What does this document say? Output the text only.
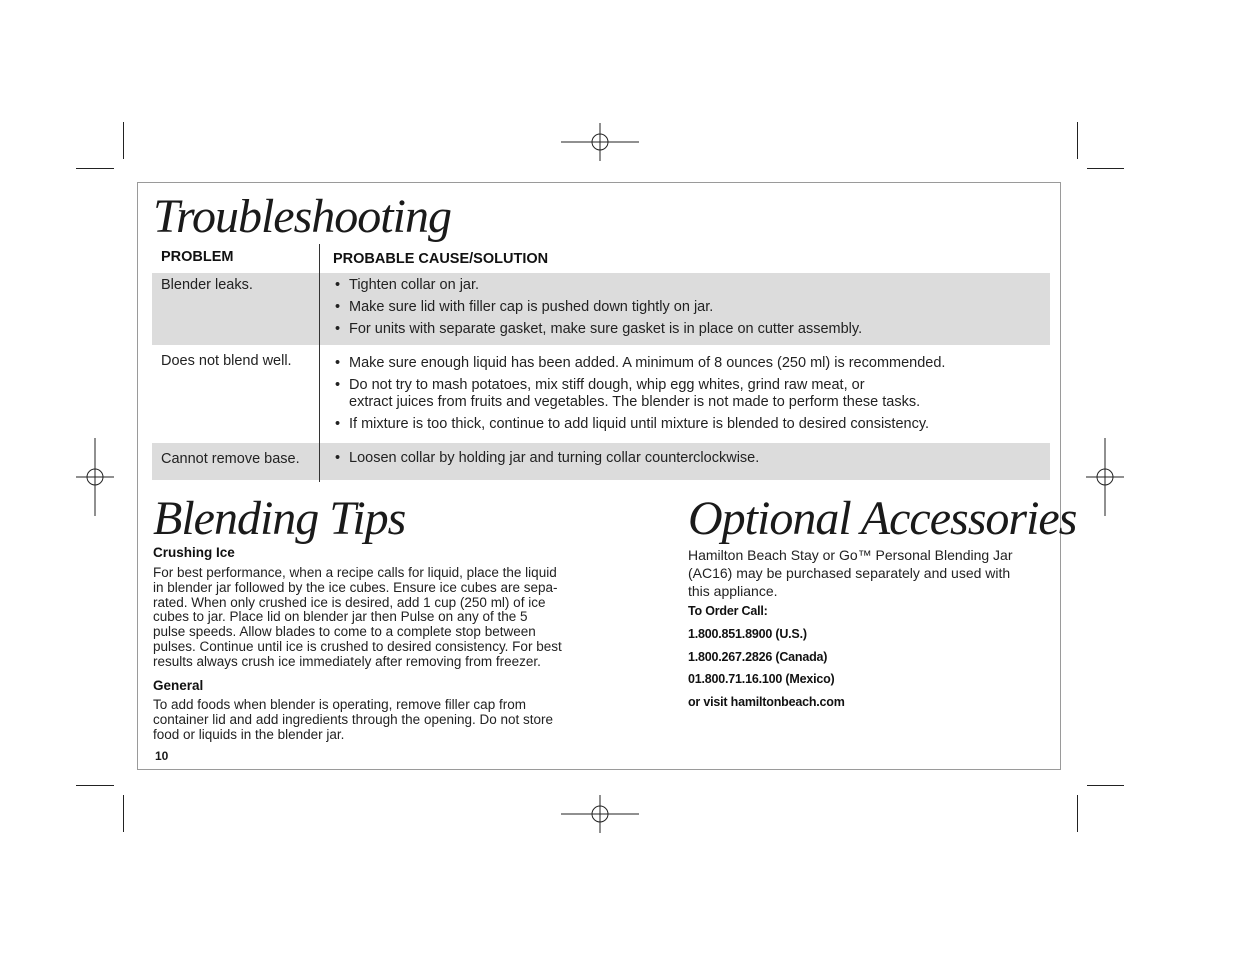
Troubleshooting
PROBLEM	PROBABLE CAUSE/SOLUTION
Blender leaks.	• Tighten collar on jar.
• Make sure lid with filler cap is pushed down tightly on jar.
• For units with separate gasket, make sure gasket is in place on cutter assembly.
Does not blend well.	• Make sure enough liquid has been added. A minimum of 8 ounces (250 ml) is recommended.
• Do not try to mash potatoes, mix stiff dough, whip egg whites, grind raw meat, or
extract juices from fruits and vegetables. The blender is not made to perform these tasks.
• If mixture is too thick, continue to add liquid until mixture is blended to desired consistency.
Cannot remove base.	• Loosen collar by holding jar and turning collar counterclockwise.
Blending Tips
Crushing Ice
For best performance, when a recipe calls for liquid, place the liquid
in blender jar followed by the ice cubes. Ensure ice cubes are sepa-
rated. When only crushed ice is desired, add 1 cup (250 ml) of ice
cubes to jar. Place lid on blender jar then Pulse on any of the 5
pulse speeds. Allow blades to come to a complete stop between
pulses. Continue until ice is crushed to desired consistency. For best
results always crush ice immediately after removing from freezer.
General
To add foods when blender is operating, remove filler cap from
container lid and add ingredients through the opening. Do not store
food or liquids in the blender jar.
Optional Accessories
Hamilton Beach Stay or Go™ Personal Blending Jar
(AC16) may be purchased separately and used with
this appliance.
To Order Call:
1.800.851.8900 (U.S.)
1.800.267.2826 (Canada)
01.800.71.16.100 (Mexico)
or visit hamiltonbeach.com
10
